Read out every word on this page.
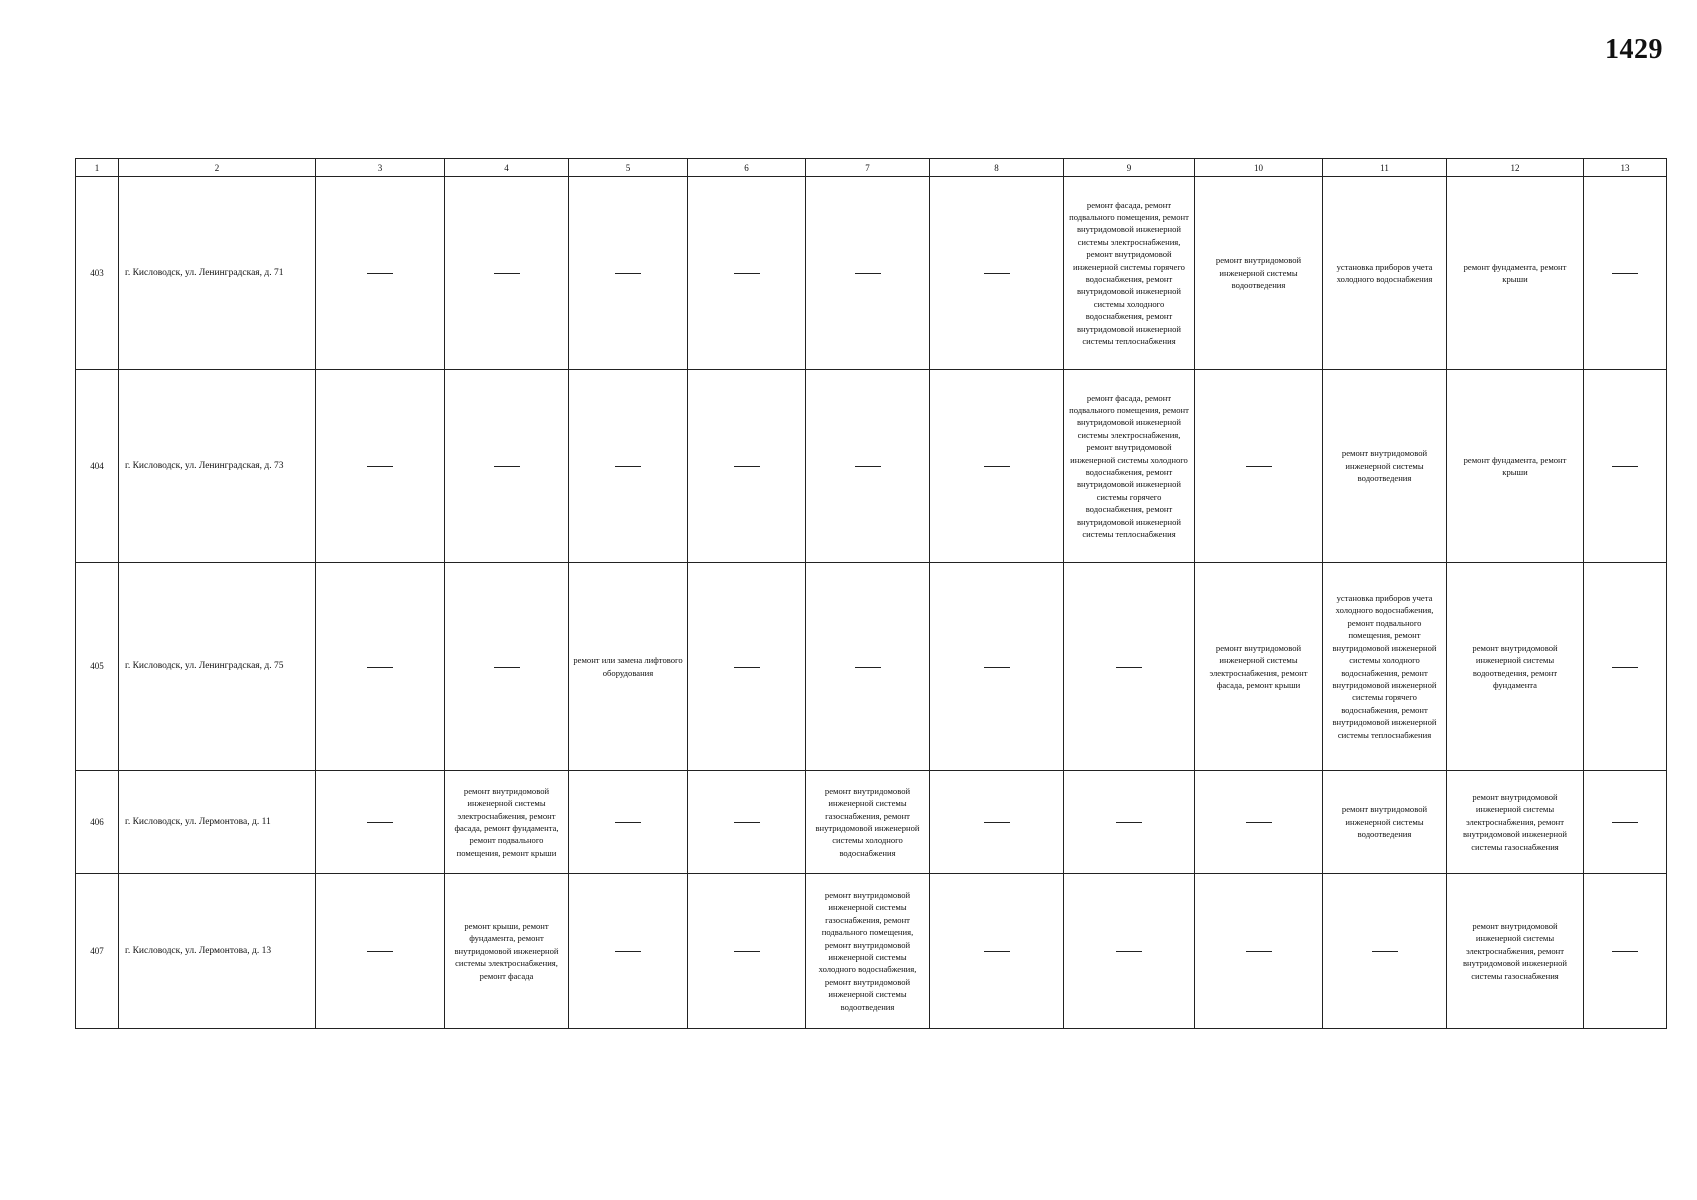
1429
1	2	3	4	5	6	7	8	9	10	11	12	13
403	г. Кисловодск, ул. Ленинградская, д. 71							ремонт фасада, ремонт подвального помещения, ремонт внутридомовой инженерной системы электроснабжения, ремонт внутридомовой инженерной системы горячего водоснабжения, ремонт внутридомовой инженерной системы холодного водоснабжения, ремонт внутридомовой инженерной системы теплоснабжения	ремонт внутридомовой инженерной системы водоотведения	установка приборов учета холодного водоснабжения	ремонт фундамента, ремонт крыши	
404	г. Кисловодск, ул. Ленинградская, д. 73							ремонт фасада, ремонт подвального помещения, ремонт внутридомовой инженерной системы электроснабжения, ремонт внутридомовой инженерной системы холодного водоснабжения, ремонт внутридомовой инженерной системы горячего водоснабжения, ремонт внутридомовой инженерной системы теплоснабжения		ремонт внутридомовой инженерной системы водоотведения	ремонт фундамента, ремонт крыши	
405	г. Кисловодск, ул. Ленинградская, д. 75			ремонт или замена лифтового оборудования					ремонт внутридомовой инженерной системы электроснабжения, ремонт фасада, ремонт крыши	установка приборов учета холодного водоснабжения, ремонт подвального помещения, ремонт внутридомовой инженерной системы холодного водоснабжения, ремонт внутридомовой инженерной системы горячего водоснабжения, ремонт внутридомовой инженерной системы теплоснабжения	ремонт внутридомовой инженерной системы водоотведения, ремонт фундамента	
406	г. Кисловодск, ул. Лермонтова, д. 11		ремонт внутридомовой инженерной системы электроснабжения, ремонт фасада, ремонт фундамента, ремонт подвального помещения, ремонт крыши			ремонт внутридомовой инженерной системы газоснабжения, ремонт внутридомовой инженерной системы холодного водоснабжения				ремонт внутридомовой инженерной системы водоотведения	ремонт внутридомовой инженерной системы электроснабжения, ремонт внутридомовой инженерной системы газоснабжения	
407	г. Кисловодск, ул. Лермонтова, д. 13		ремонт крыши, ремонт фундамента, ремонт внутридомовой инженерной системы электроснабжения, ремонт фасада			ремонт внутридомовой инженерной системы газоснабжения, ремонт подвального помещения, ремонт внутридомовой инженерной системы холодного водоснабжения, ремонт внутридомовой инженерной системы водоотведения					ремонт внутридомовой инженерной системы электроснабжения, ремонт внутридомовой инженерной системы газоснабжения	
